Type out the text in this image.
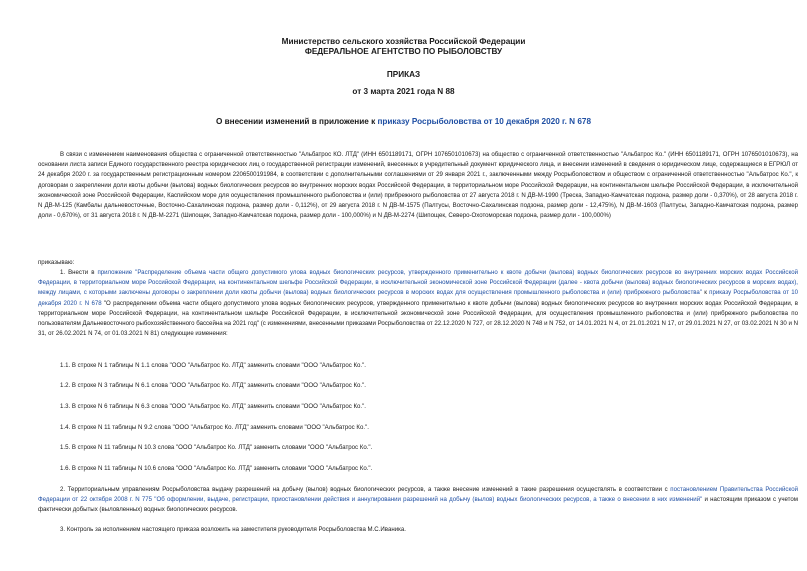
Министерство сельского хозяйства Российской Федерации
ФЕДЕРАЛЬНОЕ АГЕНТСТВО ПО РЫБОЛОВСТВУ
ПРИКАЗ
от 3 марта 2021 года N 88
О внесении изменений в приложение к приказу Росрыболовства от 10 декабря 2020 г. N 678
В связи с изменением наименования общества с ограниченной ответственностью "Альбатрос КО. ЛТД" (ИНН 6501189171, ОГРН 1076501010673) на общество с ограниченной ответственностью "Альбатрос Ко." (ИНН 6501189171, ОГРН 1076501010673), на основании листа записи Единого государственного реестра юридических лиц о государственной регистрации изменений, внесенных в учредительный документ юридического лица, и внесении изменений в сведения о юридическом лице, содержащиеся в ЕГРЮЛ от 24 декабря 2020 г. за государственным регистрационным номером 2206500191984, в соответствии с дополнительными соглашениями от 29 января 2021 г., заключенными между Росрыболовством и обществом с ограниченной ответственностью "Альбатрос Ко.", к договорам о закреплении доли квоты добычи (вылова) водных биологических ресурсов во внутренних морских водах Российской Федерации, в территориальном море Российской Федерации, на континентальном шельфе Российской Федерации, в исключительной экономической зоне Российской Федерации, Каспийском море для осуществления промышленного рыболовства и (или) прибрежного рыболовства от 27 августа 2018 г. N ДВ-М-1990 (Треска, Западно-Камчатская подзона, размер доли - 0,370%), от 28 августа 2018 г. N ДВ-М-125 (Камбалы дальневосточные, Восточно-Сахалинская подзона, размер доли - 0,112%), от 29 августа 2018 г. N ДВ-М-1575 (Палтусы, Восточно-Сахалинская подзона, размер доли - 12,475%), N ДВ-М-1603 (Палтусы, Западно-Камчатская подзона, размер доли - 0,670%), от 31 августа 2018 г. N ДВ-М-2271 (Шипощек, Западно-Камчатская подзона, размер доли - 100,000%) и N ДВ-М-2274 (Шипощек, Северо-Охотоморская подзона, размер доли - 100,000%)
приказываю:
1. Внести в приложение "Распределение объема части общего допустимого улова водных биологических ресурсов, утвержденного применительно к квоте добычи (вылова) водных биологических ресурсов во внутренних морских водах Российской Федерации, в территориальном море Российской Федерации, на континентальном шельфе Российской Федерации, в исключительной экономической зоне Российской Федерации (далее - квота добычи (вылова) водных биологических ресурсов в морских водах), между лицами, с которыми заключены договоры о закреплении доли квоты добычи (вылова) водных биологических ресурсов в морских водах для осуществления промышленного рыболовства и (или) прибрежного рыболовства" к приказу Росрыболовства от 10 декабря 2020 г. N 678 "О распределении объема части общего допустимого улова водных биологических ресурсов, утвержденного применительно к квоте добычи (вылова) водных биологических ресурсов во внутренних морских водах Российской Федерации, в территориальном море Российской Федерации, на континентальном шельфе Российской Федерации, в исключительной экономической зоне Российской Федерации, для осуществления промышленного рыболовства и (или) прибрежного рыболовства по пользователям Дальневосточного рыбохозяйственного бассейна на 2021 год" (с изменениями, внесенными приказами Росрыболовства от 22.12.2020 N 727, от 28.12.2020 N 748 и N 752, от 14.01.2021 N 4, от 21.01.2021 N 17, от 29.01.2021 N 27, от 03.02.2021 N 30 и N 31, от 26.02.2021 N 74, от 01.03.2021 N 81) следующие изменения:
1.1. В строке N 1 таблицы N 1.1 слова "ООО "Альбатрос Ко. ЛТД" заменить словами "ООО "Альбатрос Ко.".
1.2. В строке N 3 таблицы N 6.1 слова "ООО "Альбатрос Ко. ЛТД" заменить словами "ООО "Альбатрос Ко.".
1.3. В строке N 6 таблицы N 6.3 слова "ООО "Альбатрос Ко. ЛТД" заменить словами "ООО "Альбатрос Ко.".
1.4. В строке N 11 таблицы N 9.2 слова "ООО "Альбатрос Ко. ЛТД" заменить словами "ООО "Альбатрос Ко.".
1.5. В строке N 11 таблицы N 10.3 слова "ООО "Альбатрос Ко. ЛТД" заменить словами "ООО "Альбатрос Ко.".
1.6. В строке N 11 таблицы N 10.6 слова "ООО "Альбатрос Ко. ЛТД" заменить словами "ООО "Альбатрос Ко.".
2. Территориальным управлениям Росрыболовства выдачу разрешений на добычу (вылов) водных биологических ресурсов, а также внесение изменений в такие разрешения осуществлять в соответствии с постановлением Правительства Российской Федерации от 22 октября 2008 г. N 775 "Об оформлении, выдаче, регистрации, приостановлении действия и аннулировании разрешений на добычу (вылов) водных биологических ресурсов, а также о внесении в них изменений" и настоящим приказом с учетом фактически добытых (выловленных) водных биологических ресурсов.
3. Контроль за исполнением настоящего приказа возложить на заместителя руководителя Росрыболовства М.С.Иваника.
